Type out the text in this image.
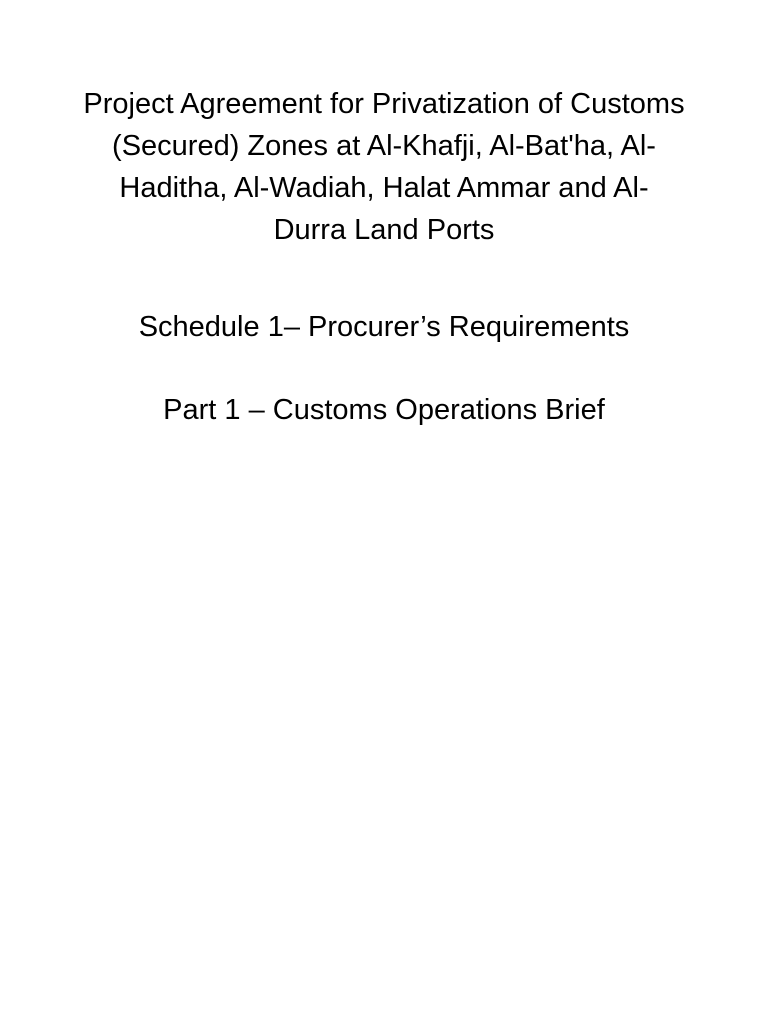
Project Agreement for Privatization of Customs
(Secured) Zones at Al-Khafji, Al-Bat'ha, Al-
Haditha, Al-Wadiah, Halat Ammar and Al-
Durra Land Ports
Schedule 1– Procurer’s Requirements
Part 1 – Customs Operations Brief
